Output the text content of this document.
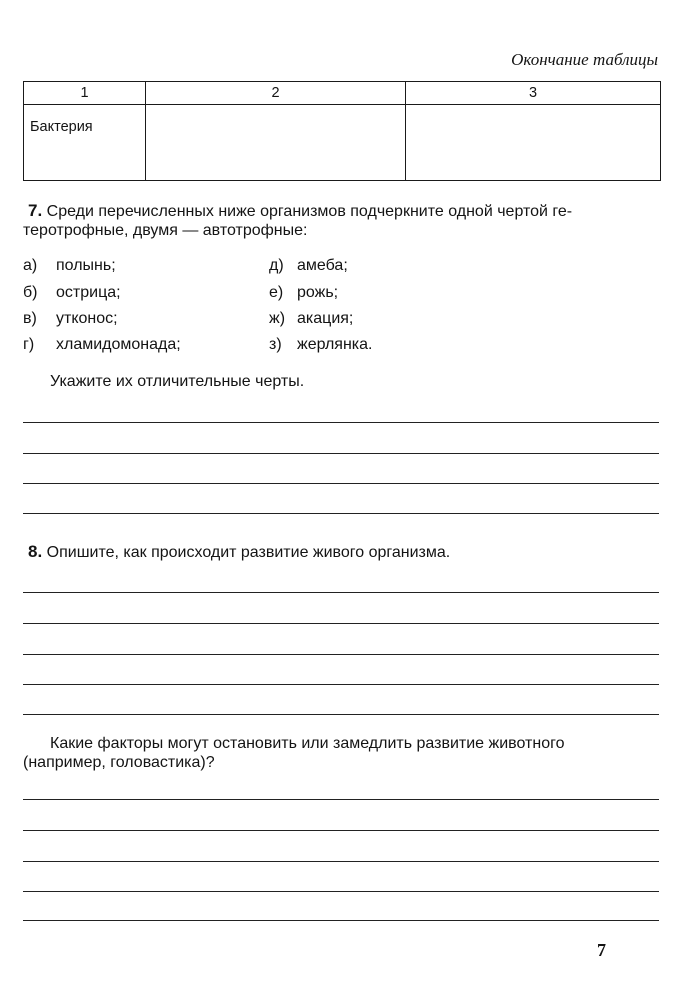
Окончание таблицы
1	2	3
Бактерия		
7. Среди перечисленных ниже организмов подчеркните одной чертой ге-
теротрофные, двумя — автотрофные:
а) полынь;
б) острица;
в) утконос;
г) хламидомонада;
д) амеба;
е) рожь;
ж) акация;
з) жерлянка.
Укажите их отличительные черты.
8. Опишите, как происходит развитие живого организма.
Какие факторы могут остановить или замедлить развитие животного
(например, головастика)?
7
